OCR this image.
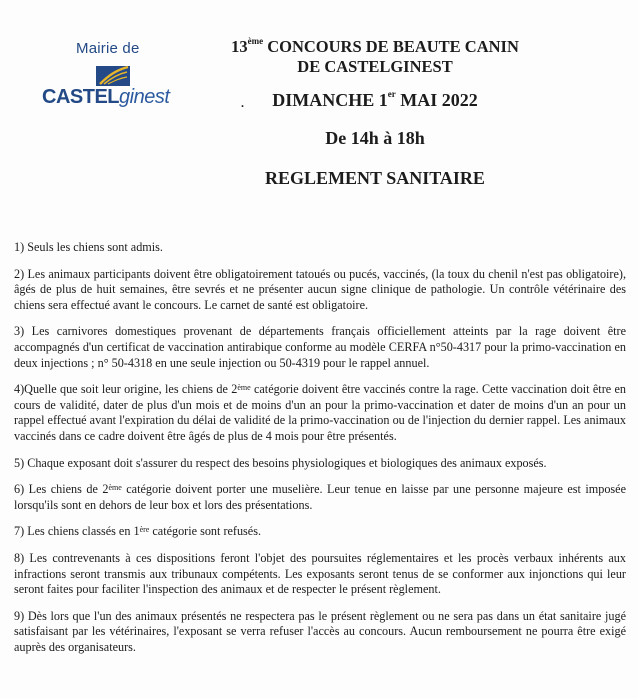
Mairie de
CASTELginest
13ème CONCOURS DE BEAUTE CANIN
DE CASTELGINEST
.	DIMANCHE 1er MAI 2022
De 14h à 18h
REGLEMENT SANITAIRE

1) Seuls les chiens sont admis.

2) Les animaux participants doivent être obligatoirement tatoués ou pucés, vaccinés, (la toux du chenil n'est pas obligatoire), âgés de plus de huit semaines, être sevrés et ne présenter aucun signe clinique de pathologie. Un contrôle vétérinaire des chiens sera effectué avant le concours. Le carnet de santé est obligatoire.

3) Les carnivores domestiques provenant de départements français officiellement atteints par la rage doivent être accompagnés d'un certificat de vaccination antirabique conforme au modèle CERFA n°50-4317 pour la primo-vaccination en deux injections ; n° 50-4318 en une seule injection ou 50-4319 pour le rappel annuel.

4)Quelle que soit leur origine, les chiens de 2ème catégorie doivent être vaccinés contre la rage. Cette vaccination doit être en cours de validité, dater de plus d'un mois et de moins d'un an pour la primo-vaccination et dater de moins d'un an pour un rappel effectué avant l'expiration du délai de validité de la primo-vaccination ou de l'injection du dernier rappel. Les animaux vaccinés dans ce cadre doivent être âgés de plus de 4 mois pour être présentés.

5) Chaque exposant doit s'assurer du respect des besoins physiologiques et biologiques des animaux exposés.

6) Les chiens de 2ème catégorie doivent porter une muselière. Leur tenue en laisse par une personne majeure est imposée lorsqu'ils sont en dehors de leur box et lors des présentations.

7) Les chiens classés en 1ère catégorie sont refusés.

8) Les contrevenants à ces dispositions feront l'objet des poursuites réglementaires et les procès verbaux inhérents aux infractions seront transmis aux tribunaux compétents. Les exposants seront tenus de se conformer aux injonctions qui leur seront faites pour faciliter l'inspection des animaux et de respecter le présent règlement.

9) Dès lors que l'un des animaux présentés ne respectera pas le présent règlement ou ne sera pas dans un état sanitaire jugé satisfaisant par les vétérinaires, l'exposant se verra refuser l'accès au concours. Aucun remboursement ne pourra être exigé auprès des organisateurs.
